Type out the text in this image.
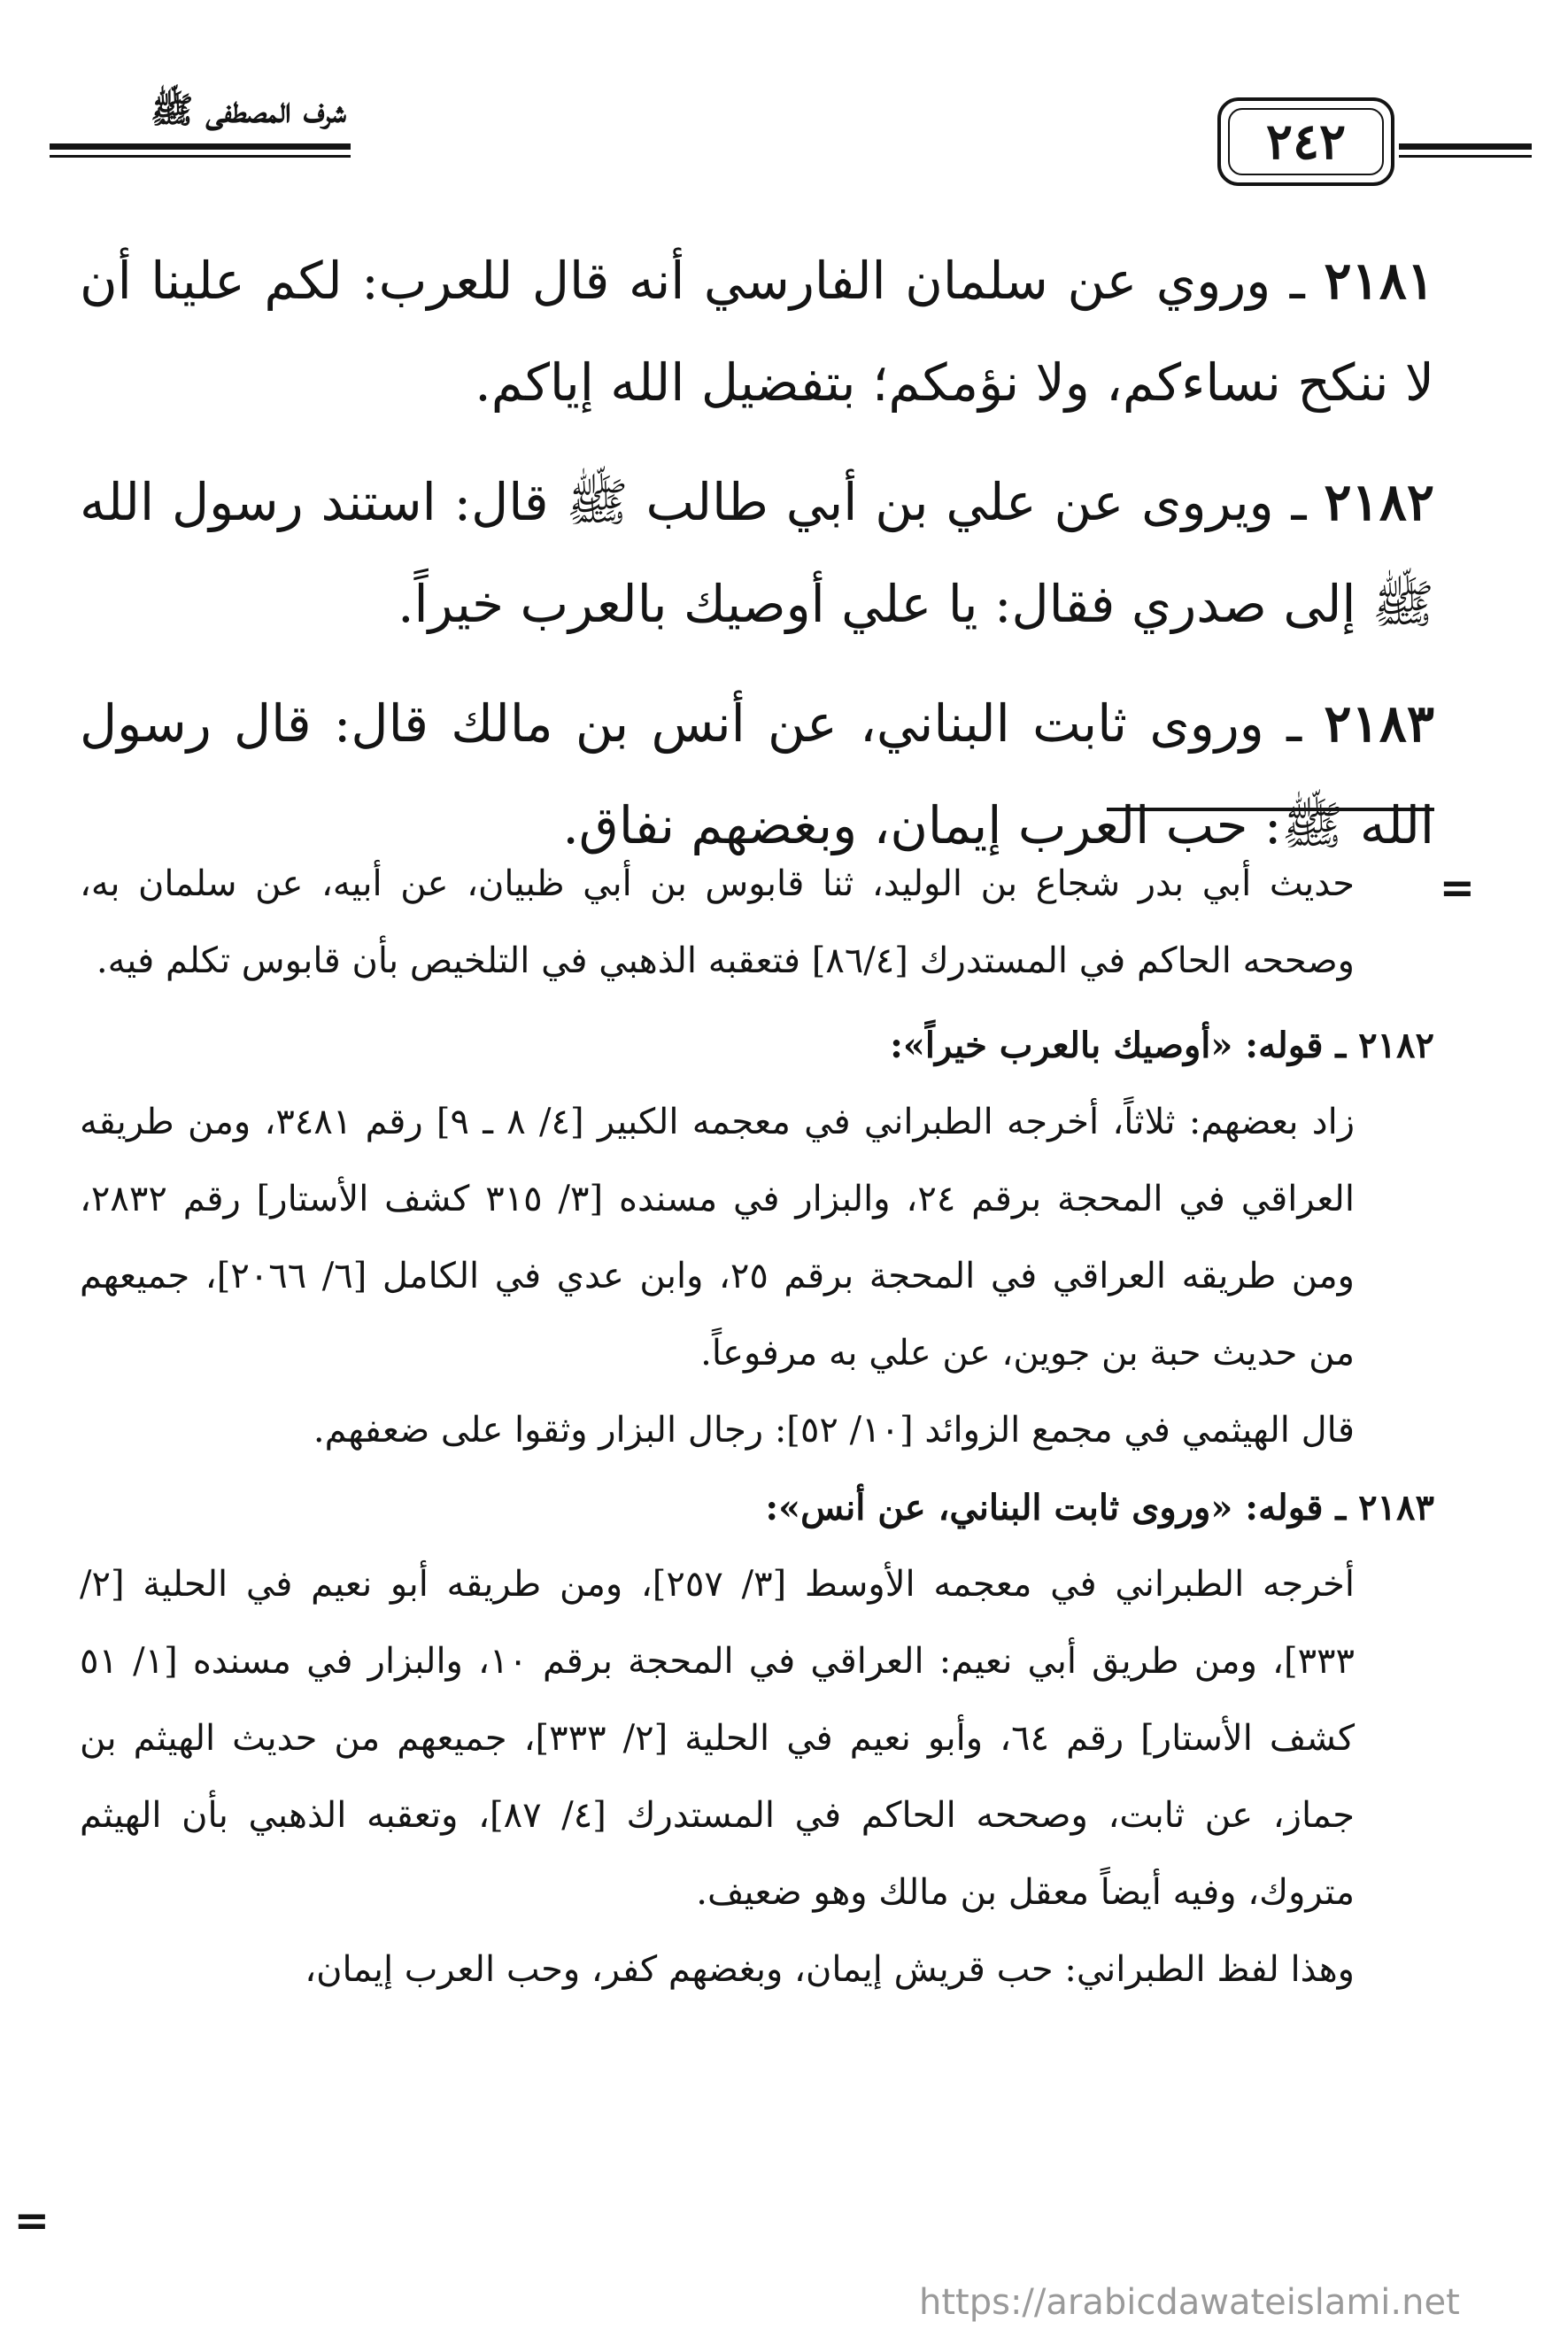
شرف المصطفى ﷺ
٢٤٢

٢١٨١ ـ وروي عن سلمان الفارسي أنه قال للعرب: لكم علينا أن لا ننكح نساءكم، ولا نؤمكم؛ بتفضيل الله إياكم.

٢١٨٢ ـ ويروى عن علي بن أبي طالب ﷺ قال: استند رسول الله ﷺ إلى صدري فقال: يا علي أوصيك بالعرب خيراً.

٢١٨٣ ـ وروى ثابت البناني، عن أنس بن مالك قال: قال رسول الله ﷺ: حب العرب إيمان، وبغضهم نفاق.

=

حديث أبي بدر شجاع بن الوليد، ثنا قابوس بن أبي ظبيان، عن أبيه، عن سلمان به، وصححه الحاكم في المستدرك [٨٦/٤] فتعقبه الذهبي في التلخيص بأن قابوس تكلم فيه.

٢١٨٢ ـ قوله: «أوصيك بالعرب خيراً»:

زاد بعضهم: ثلاثاً، أخرجه الطبراني في معجمه الكبير [٤/ ٨ ـ ٩] رقم ٣٤٨١، ومن طريقه العراقي في المحجة برقم ٢٤، والبزار في مسنده [٣/ ٣١٥ كشف الأستار] رقم ٢٨٣٢، ومن طريقه العراقي في المحجة برقم ٢٥، وابن عدي في الكامل [٦/ ٢٠٦٦]، جميعهم من حديث حبة بن جوين، عن علي به مرفوعاً.

قال الهيثمي في مجمع الزوائد [١٠/ ٥٢]: رجال البزار وثقوا على ضعفهم.

٢١٨٣ ـ قوله: «وروى ثابت البناني، عن أنس»:

أخرجه الطبراني في معجمه الأوسط [٣/ ٢٥٧]، ومن طريقه أبو نعيم في الحلية [٢/ ٣٣٣]، ومن طريق أبي نعيم: العراقي في المحجة برقم ١٠، والبزار في مسنده [١/ ٥١ كشف الأستار] رقم ٦٤، وأبو نعيم في الحلية [٢/ ٣٣٣]، جميعهم من حديث الهيثم بن جماز، عن ثابت، وصححه الحاكم في المستدرك [٤/ ٨٧]، وتعقبه الذهبي بأن الهيثم متروك، وفيه أيضاً معقل بن مالك وهو ضعيف.

وهذا لفظ الطبراني: حب قريش إيمان، وبغضهم كفر، وحب العرب إيمان،

=
https://arabicdawateislami.net
